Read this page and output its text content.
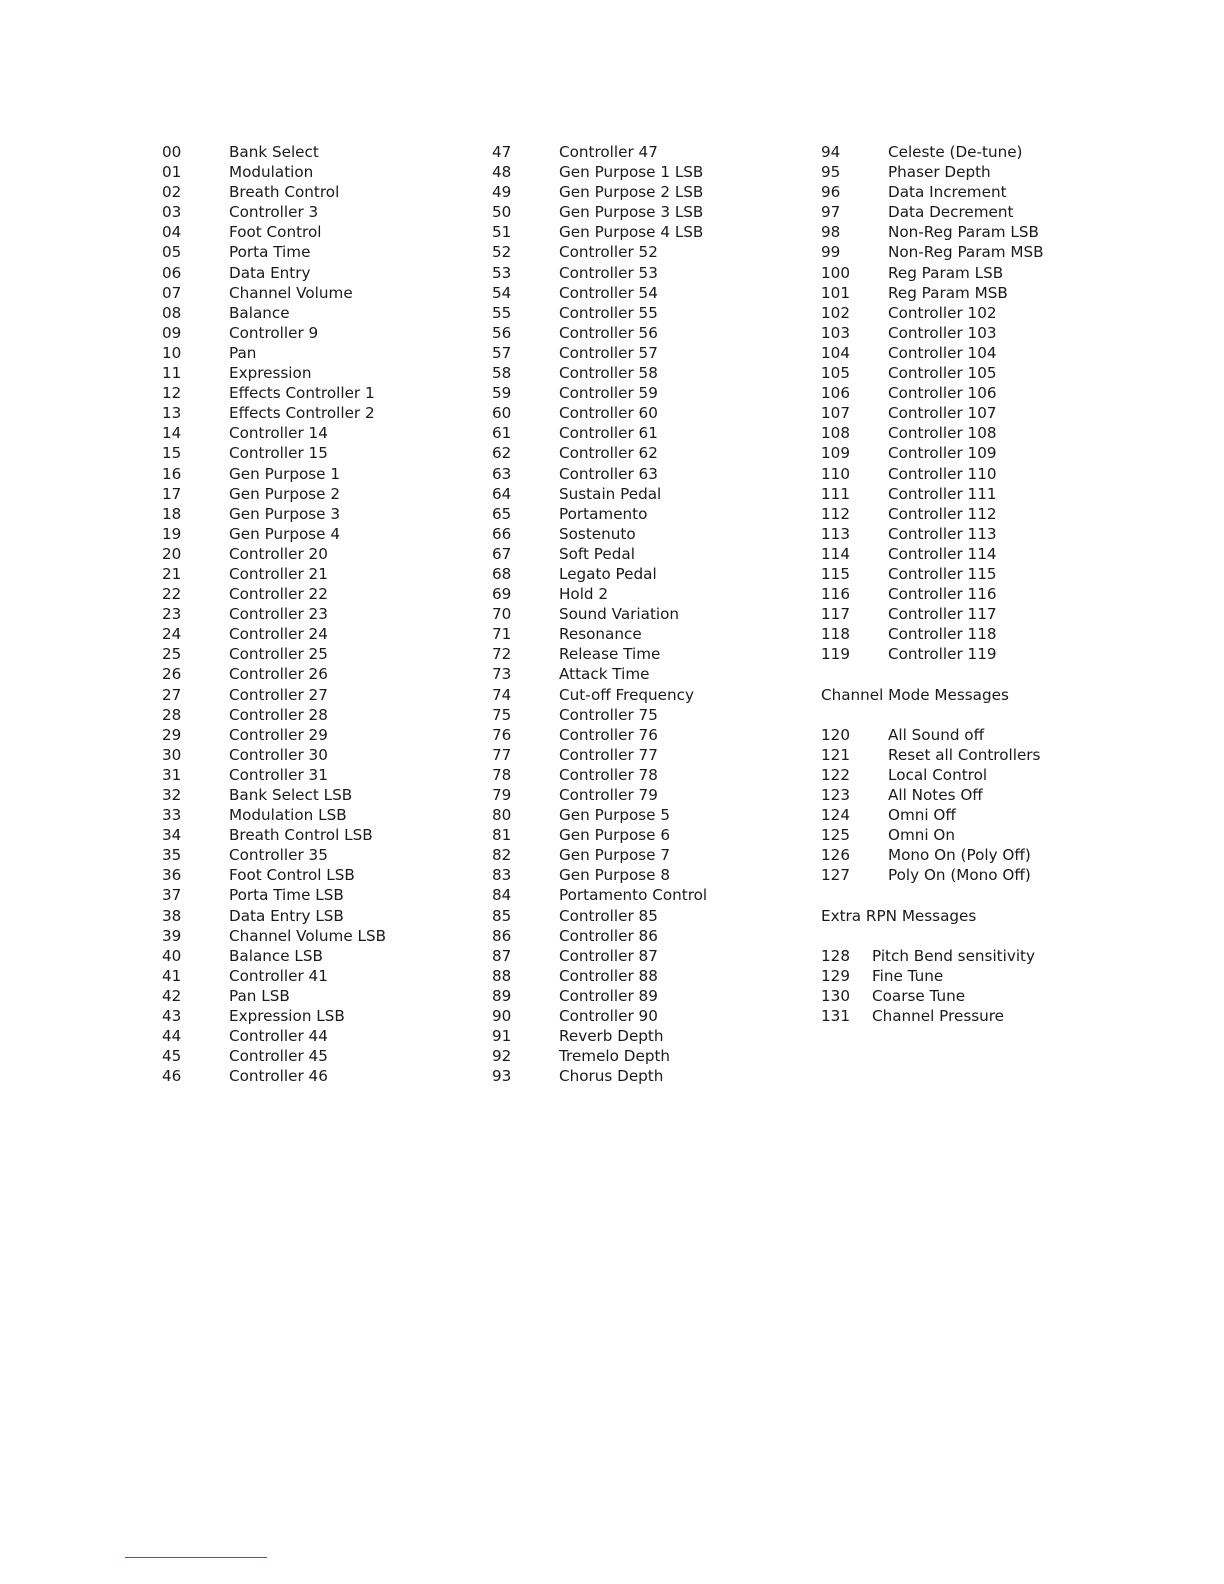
00	Bank Select
01	Modulation
02	Breath Control
03	Controller 3
04	Foot Control
05	Porta Time
06	Data Entry
07	Channel Volume
08	Balance
09	Controller 9
10	Pan
11	Expression
12	Effects Controller 1
13	Effects Controller 2
14	Controller 14
15	Controller 15
16	Gen Purpose 1
17	Gen Purpose 2
18	Gen Purpose 3
19	Gen Purpose 4
20	Controller 20
21	Controller 21
22	Controller 22
23	Controller 23
24	Controller 24
25	Controller 25
26	Controller 26
27	Controller 27
28	Controller 28
29	Controller 29
30	Controller 30
31	Controller 31
32	Bank Select LSB
33	Modulation LSB
34	Breath Control LSB
35	Controller 35
36	Foot Control LSB
37	Porta Time LSB
38	Data Entry LSB
39	Channel Volume LSB
40	Balance LSB
41	Controller 41
42	Pan LSB
43	Expression LSB
44	Controller 44
45	Controller 45
46	Controller 46
47	Controller 47
48	Gen Purpose 1 LSB
49	Gen Purpose 2 LSB
50	Gen Purpose 3 LSB
51	Gen Purpose 4 LSB
52	Controller 52
53	Controller 53
54	Controller 54
55	Controller 55
56	Controller 56
57	Controller 57
58	Controller 58
59	Controller 59
60	Controller 60
61	Controller 61
62	Controller 62
63	Controller 63
64	Sustain Pedal
65	Portamento
66	Sostenuto
67	Soft Pedal
68	Legato Pedal
69	Hold 2
70	Sound Variation
71	Resonance
72	Release Time
73	Attack Time
74	Cut-off Frequency
75	Controller 75
76	Controller 76
77	Controller 77
78	Controller 78
79	Controller 79
80	Gen Purpose 5
81	Gen Purpose 6
82	Gen Purpose 7
83	Gen Purpose 8
84	Portamento Control
85	Controller 85
86	Controller 86
87	Controller 87
88	Controller 88
89	Controller 89
90	Controller 90
91	Reverb Depth
92	Tremelo Depth
93	Chorus Depth
94	Celeste (De-tune)
95	Phaser Depth
96	Data Increment
97	Data Decrement
98	Non-Reg Param LSB
99	Non-Reg Param MSB
100	Reg Param LSB
101	Reg Param MSB
102	Controller 102
103	Controller 103
104	Controller 104
105	Controller 105
106	Controller 106
107	Controller 107
108	Controller 108
109	Controller 109
110	Controller 110
111	Controller 111
112	Controller 112
113	Controller 113
114	Controller 114
115	Controller 115
116	Controller 116
117	Controller 117
118	Controller 118
119	Controller 119
Channel Mode Messages
120	All Sound off
121	Reset all Controllers
122	Local Control
123	All Notes Off
124	Omni Off
125	Omni On
126	Mono On (Poly Off)
127	Poly On (Mono Off)
Extra RPN Messages
128	Pitch Bend sensitivity
129	Fine Tune
130	Coarse Tune
131	Channel Pressure
